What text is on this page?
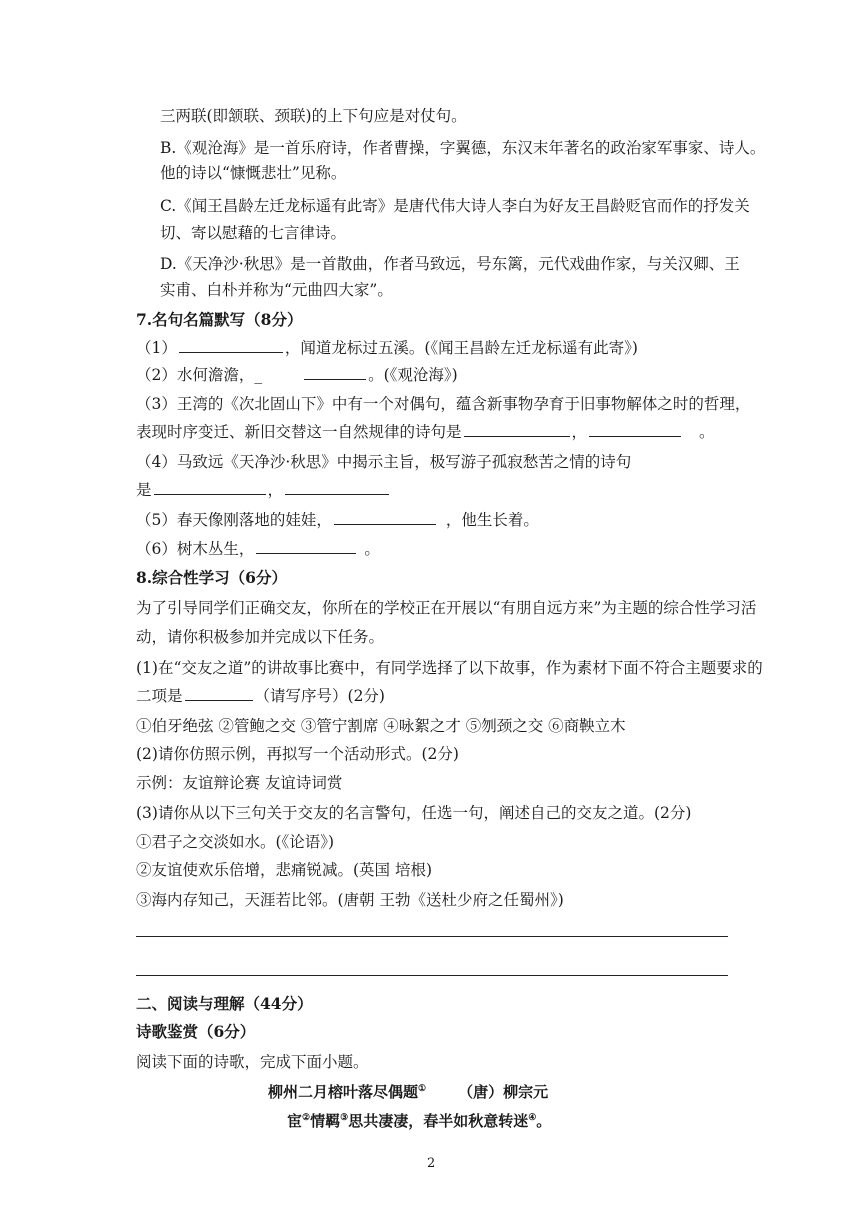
三两联(即颔联、颈联)的上下句应是对仗句。
B.《观沧海》是一首乐府诗，作者曹操，字翼德，东汉末年著名的政治家军事家、诗人。
他的诗以“慷慨悲壮”见称。
C.《闻王昌龄左迁龙标遥有此寄》是唐代伟大诗人李白为好友王昌龄贬官而作的抒发关
切、寄以慰藉的七言律诗。
D.《天净沙·秋思》是一首散曲，作者马致远，号东篱，元代戏曲作家，与关汉卿、王
实甫、白朴并称为“元曲四大家”。
7.名句名篇默写（8分）
（1）	，闻道龙标过五溪。(《闻王昌龄左迁龙标遥有此寄》)
（2）水何澹澹，_	。(《观沧海》)
（3）王湾的《次北固山下》中有一个对偶句，蕴含新事物孕育于旧事物解体之时的哲理，
表现时序变迁、新旧交替这一自然规律的诗句是	，	。
（4）马致远《天净沙·秋思》中揭示主旨，极写游子孤寂愁苦之情的诗句
是	，
（5）春天像刚落地的娃娃，	，他生长着。
（6）树木丛生，	。
8.综合性学习（6分）
为了引导同学们正确交友，你所在的学校正在开展以“有朋自远方来”为主题的综合性学习活
动，请你积极参加并完成以下任务。
(1)在“交友之道”的讲故事比赛中，有同学选择了以下故事，作为素材下面不符合主题要求的
二项是	（请写序号）(2分)
①伯牙绝弦 ②管鲍之交 ③管宁割席 ④咏絮之才 ⑤刎颈之交 ⑥商鞅立木
(2)请你仿照示例，再拟写一个活动形式。(2分)
示例：友谊辩论赛 友谊诗词赏
(3)请你从以下三句关于交友的名言警句，任选一句，阐述自己的交友之道。(2分)
①君子之交淡如水。(《论语》)
②友谊使欢乐倍增，悲痛锐减。(英国 培根)
③海内存知己，天涯若比邻。(唐朝 王勃《送杜少府之任蜀州》)
二、阅读与理解（44分）
诗歌鉴赏（6分）
阅读下面的诗歌，完成下面小题。
柳州二月榕叶落尽偶题① （唐）柳宗元
宦②情羁③思共凄凄，春半如秋意转迷④。
2
